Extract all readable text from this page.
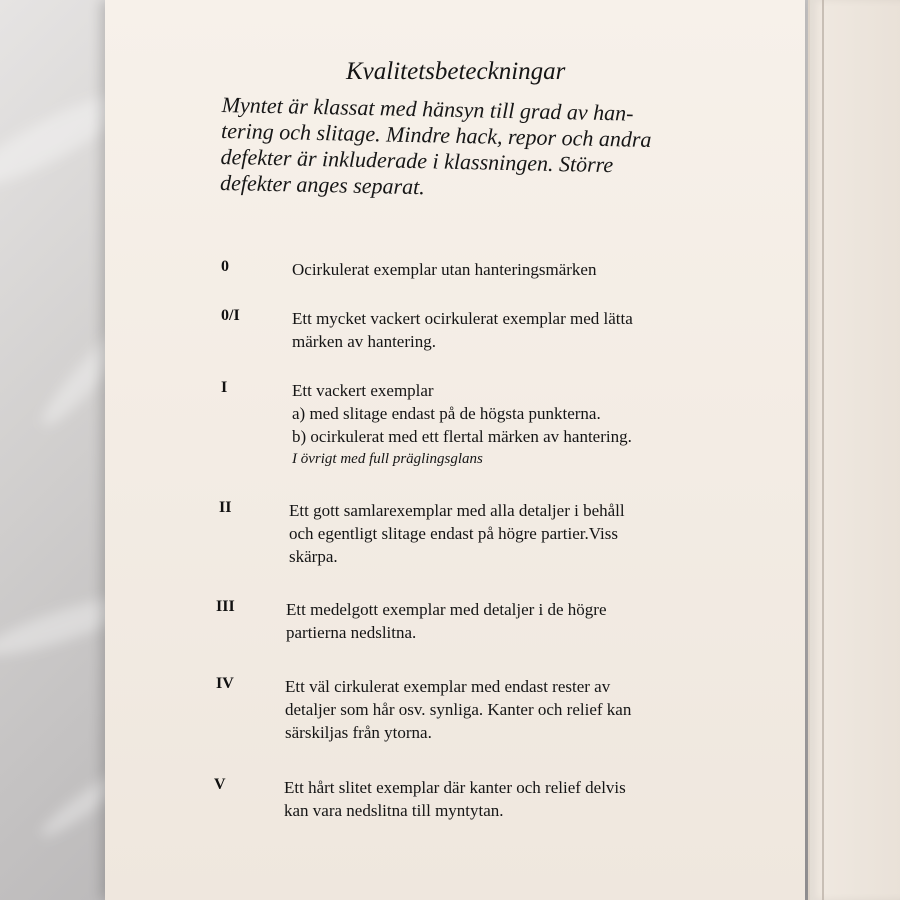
Kvalitetsbeteckningar
Myntet är klassat med hänsyn till grad av han-
tering och slitage. Mindre hack, repor och andra
defekter är inkluderade i klassningen. Större
defekter anges separat.
0	Ocirkulerat exemplar utan hanteringsmärken
0/I	Ett mycket vackert ocirkulerat exemplar med lätta
märken av hantering.
I	Ett vackert exemplar
a) med slitage endast på de högsta punkterna.
b) ocirkulerat med ett flertal märken av hantering.
I övrigt med full präglingsglans
II	Ett gott samlarexemplar med alla detaljer i behåll
och egentligt slitage endast på högre partier.Viss
skärpa.
III	Ett medelgott exemplar med detaljer i de högre
partierna nedslitna.
IV	Ett väl cirkulerat exemplar med endast rester av
detaljer som hår osv. synliga. Kanter och relief kan
särskiljas från ytorna.
V	Ett hårt slitet exemplar där kanter och relief delvis
kan vara nedslitna till myntytan.
